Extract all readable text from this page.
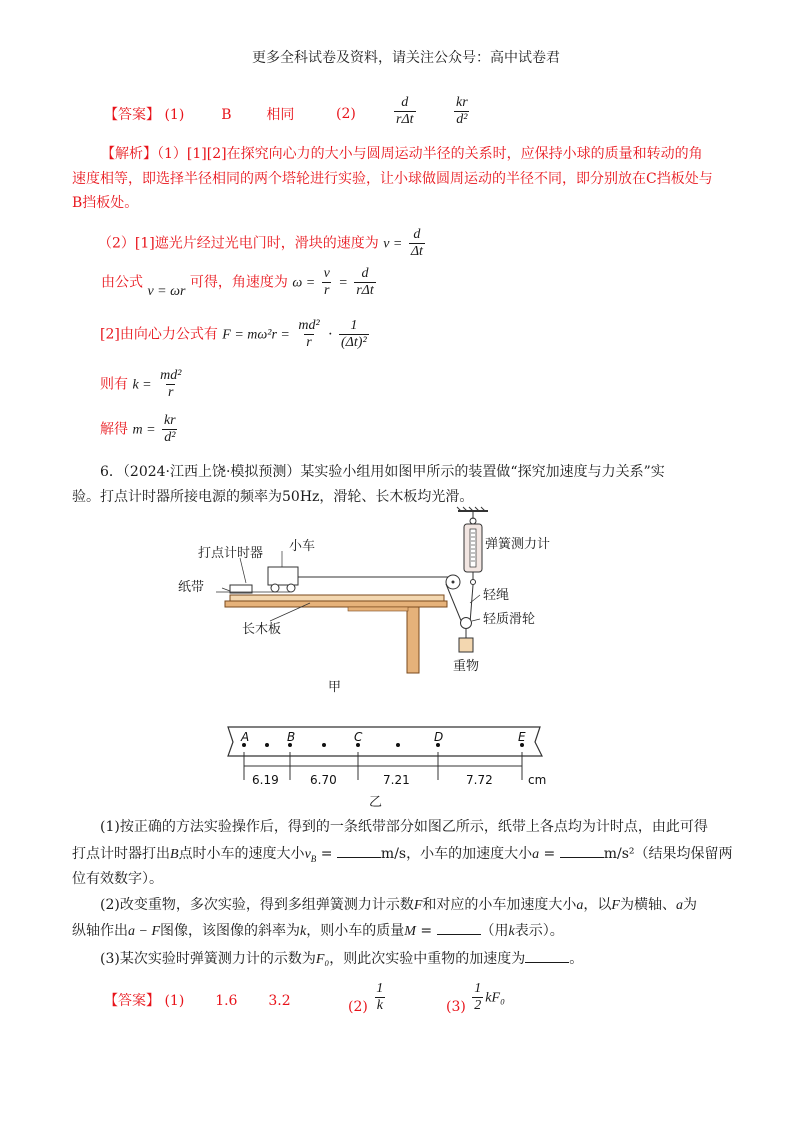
更多全科试卷及资料，请关注公众号：高中试卷君
【答案】 (1)	B 相同	(2)
d
rΔt	$\frac{kr}{\text{d²}}$
【解析】（1）[1][2]在探究向心力的大小与圆周运动半径的关系时，应保持小球的质量和转动的角
速度相等，即选择半径相同的两个塔轮进行实验，让小球做圆周运动的半径不同，即分别放在C挡板处与
B挡板处。
（2）[1]遮光片经过光电门时，滑块的速度为 $v = \frac{d}{\Delta t}$
由公式 v = ωr 可得，角速度为 $\omega = \frac{v}{r} = \frac{d}{\text{rΔt}}$
[2]由向心力公式有 $F = m\omega^2r = \frac{\text{md²}}{r} \cdot \frac{1}{\text{(Δt)²}}$
则有 $k = \frac{\text{md²}}{r}$
解得 $m = \frac{kr}{\text{d²}}$
6．（2024·江西上饶·模拟预测）某实验小组用如图甲所示的装置做“探究加速度与力关系”实
验。打点计时器所接电源的频率为50Hz，滑轮、长木板均光滑。
打点计时器 小车
纸带
长木板
弹簧测力计
轻绳
轻质滑轮
重物
甲
A	B	C	D	E
6.19	6.70	7.21	7.72	cm
乙
(1)按正确的方法实验操作后，得到的一条纸带部分如图乙所示，纸带上各点均为计时点，由此可得
打点计时器打出B点时小车的速度大小$v_B$ =	m/s，小车的加速度大小a =	m/s²（结果均保留两
位有效数字）。
(2)改变重物，多次实验，得到多组弹簧测力计示数F和对应的小车加速度大小a，以F为横轴、a为
纵轴作出a − F图像，该图像的斜率为k，则小车的质量M =	（用k表示）。
(3)某次实验时弹簧测力计的示数为F₀，则此次实验中重物的加速度为	。
【答案】 (1) 1.6 3.2	$(2) \frac{1}{k}$	$(3) \frac{1}{2} kF_0$
